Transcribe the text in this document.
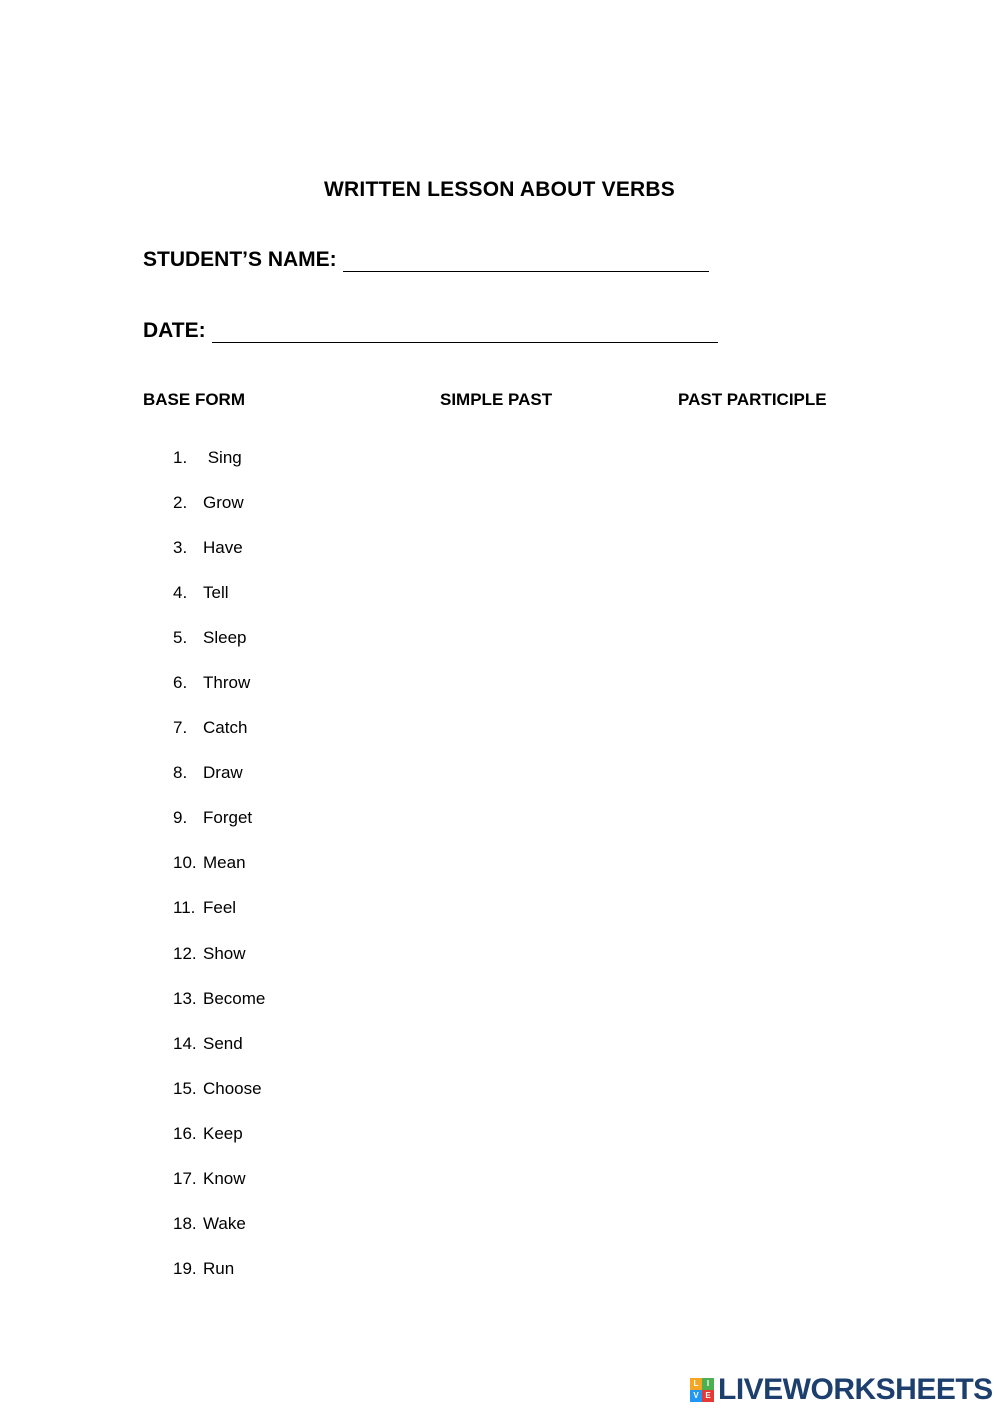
WRITTEN LESSON ABOUT VERBS
STUDENT’S NAME:
DATE:
BASE FORM	SIMPLE PAST	PAST PARTICIPLE
1. Sing
2. Grow
3. Have
4. Tell
5. Sleep
6. Throw
7. Catch
8. Draw
9. Forget
10. Mean
11. Feel
12. Show
13. Become
14. Send
15. Choose
16. Keep
17. Know
18. Wake
19. Run
L	I
V E LIVEWORKSHEETS
